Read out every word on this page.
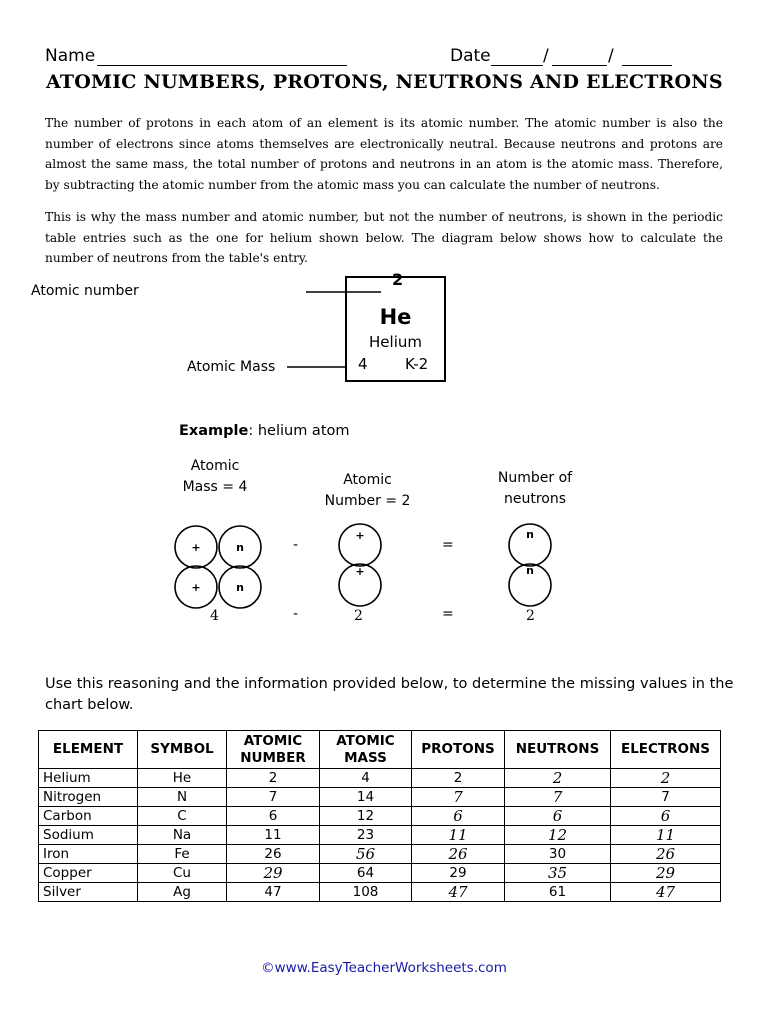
Name	Date	/	/
ATOMIC NUMBERS, PROTONS, NEUTRONS AND ELECTRONS
The number of protons in each atom of an element is its atomic number. The atomic number is also the number of electrons since atoms themselves are electronically neutral. Because neutrons and protons are almost the same mass, the total number of protons and neutrons in an atom is the atomic mass. Therefore, by subtracting the atomic number from the atomic mass you can calculate the number of neutrons.
This is why the mass number and atomic number, but not the number of neutrons, is shown in the periodic table entries such as the one for helium shown below. The diagram below shows how to calculate the number of neutrons from the table's entry.
Atomic number
Atomic Mass
2
He
Helium
4 K-2
Example: helium atom
Atomic
Mass = 4	Atomic
Number = 2
Number of
neutrons
+	n
+	n
+
+
n
n
-	=
4	-	2	=	2
Use this reasoning and the information provided below, to determine the missing values in the chart below.
ELEMENT	SYMBOL	ATOMIC NUMBER	ATOMIC MASS	PROTONS	NEUTRONS	ELECTRONS
Helium	He	2	4	2	2	2
Nitrogen	N	7	14	7	7	7
Carbon	C	6	12	6	6	6
Sodium	Na	11	23	11	12	11
Iron	Fe	26	56	26	30	26
Copper	Cu	29	64	29	35	29
Silver	Ag	47	108	47	61	47
©www.EasyTeacherWorksheets.com
